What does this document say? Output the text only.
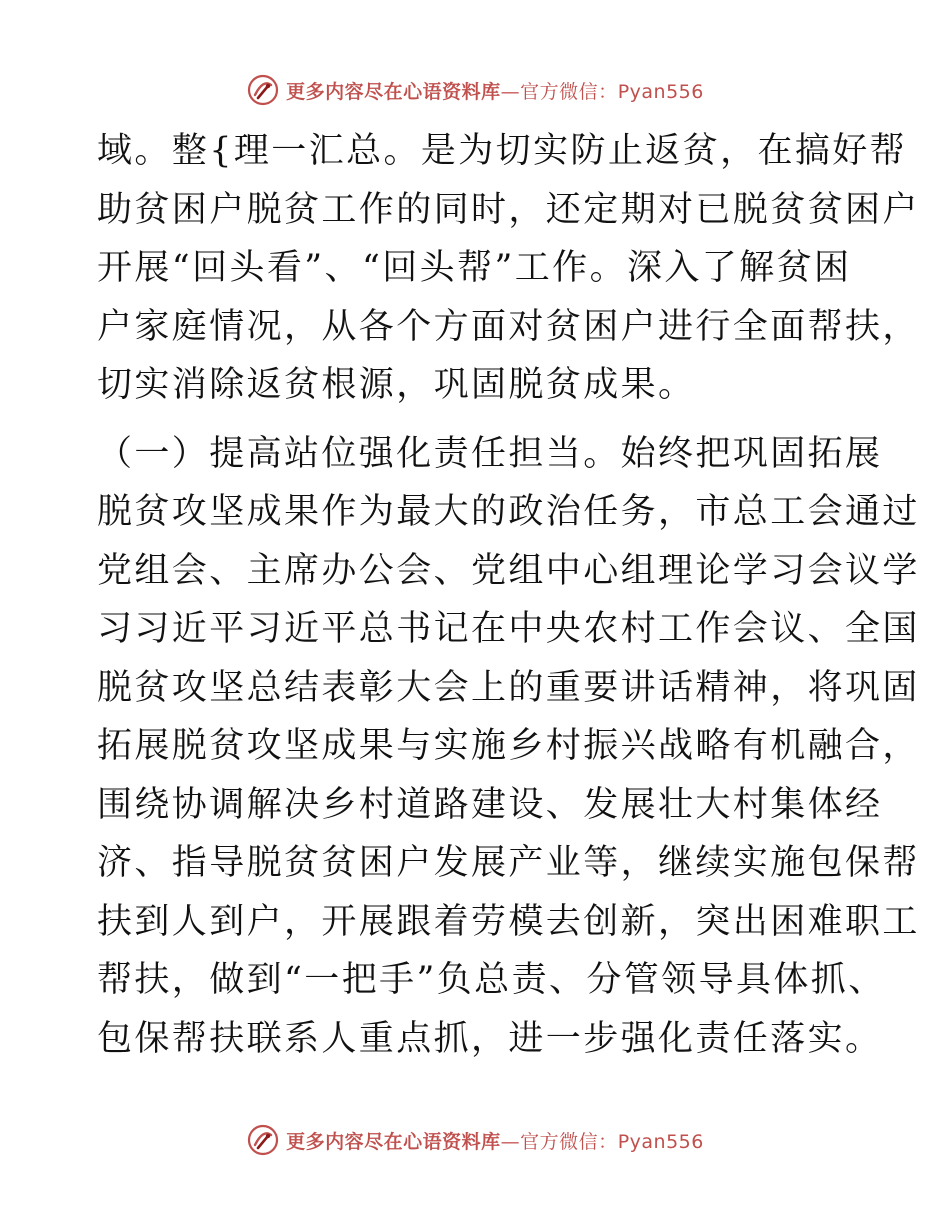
更多内容尽在心语资料库—官方微信：Pyan556

域。整{理一汇总。是为切实防止返贫，在搞好帮
助贫困户脱贫工作的同时，还定期对已脱贫贫困户
开展“回头看”、“回头帮”工作。深入了解贫困
户家庭情况，从各个方面对贫困户进行全面帮扶，
切实消除返贫根源，巩固脱贫成果。

（一）提高站位强化责任担当。始终把巩固拓展
脱贫攻坚成果作为最大的政治任务，市总工会通过
党组会、主席办公会、党组中心组理论学习会议学
习习近平习近平总书记在中央农村工作会议、全国
脱贫攻坚总结表彰大会上的重要讲话精神，将巩固
拓展脱贫攻坚成果与实施乡村振兴战略有机融合，
围绕协调解决乡村道路建设、发展壮大村集体经
济、指导脱贫贫困户发展产业等，继续实施包保帮
扶到人到户，开展跟着劳模去创新，突出困难职工
帮扶，做到“一把手”负总责、分管领导具体抓、
包保帮扶联系人重点抓，进一步强化责任落实。

更多内容尽在心语资料库—官方微信：Pyan556
